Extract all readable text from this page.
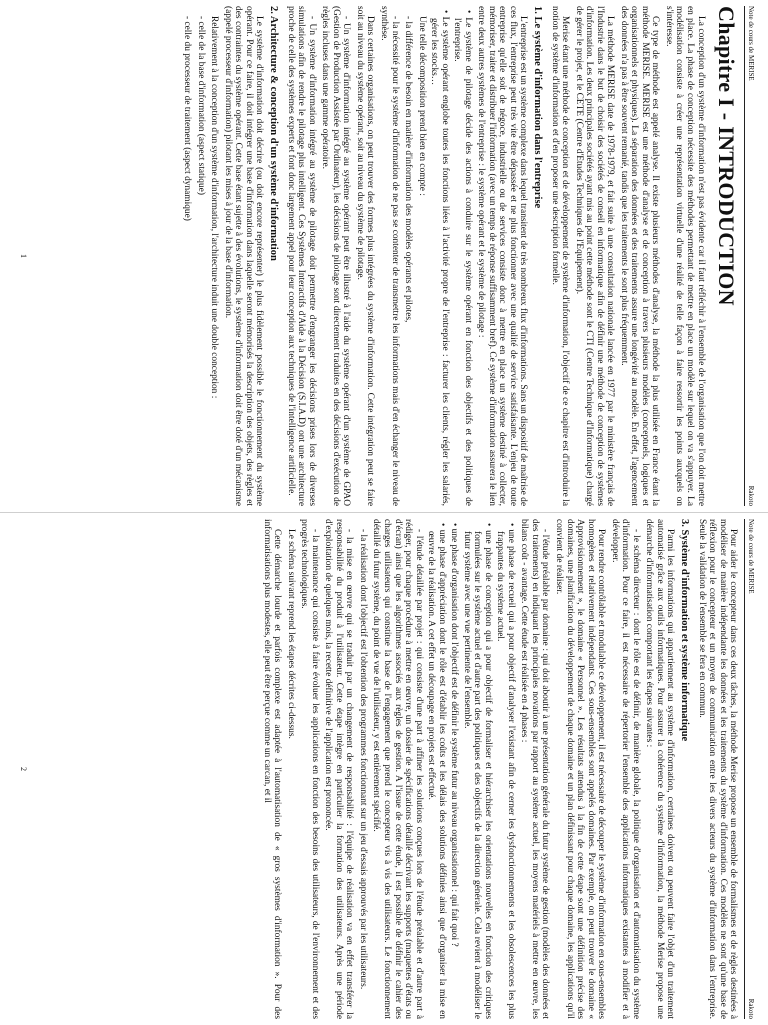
Note de cours de MERISE
Rakoto
Chapitre I - INTRODUCTION

La conception d'un système d'information n'est pas évidente car il faut réfléchir à l'ensemble de l'organisation que l'on doit mettre en place. La phase de conception nécessite des méthodes permettant de mettre en place un modèle sur lequel on va s'appuyer. La modélisation consiste à créer une représentation virtuelle d'une réalité de telle façon à faire ressortir les points auxquels on s'intéresse.

Ce type de méthode est appelé analyse. Il existe plusieurs méthodes d'analyse, la méthode la plus utilisée en France étant la méthode MERISE. MERISE est une méthode d'analyse et de conception à travers plusieurs modèles (conceptuels, logiques et organisationnels et physiques). La séparation des données et des traitements assure une longévité au modèle. En effet, l'agencement des données n'a pas à être souvent remanié, tandis que les traitements le sont plus fréquemment.

La méthode MERISE date de 1978-1979, et fait suite à une consultation nationale lancée en 1977 par le ministère français de l'Industrie dans le but de choisir des sociétés de conseil en informatique afin de définir une méthode de conception de systèmes d'information. Les deux principales sociétés ayant mis au point cette méthode sont le CTI (Centre Technique d'Informatique) chargé de gérer le projet, et le CETE (Centre d'Etudes Techniques de l'Equipement).

Merise étant une méthode de conception et de développement de système d'information, l'objectif de ce chapitre est d'introduire la notion de système d'information et d'en proposer une description formelle.

1. Le système d'information dans l'entreprise

L'entreprise est un système complexe dans lequel transitent de très nombreux flux d'informations. Sans un dispositif de maîtrise de ces flux, l'entreprise peut très vite être dépassée et ne plus fonctionner avec une qualité de service satisfaisante. L'enjeu de toute entreprise qu'elle soit de négoce, industrielle ou de services consiste donc à mettre en place un système destiné à collecter, mémoriser, traiter et distribuer l'information (avec un temps de réponse suffisamment bref). Ce système d'information assurera le lien entre deux autres systèmes de l'entreprise : le système opérant et le système de pilotage :

• Le système de pilotage décide des actions à conduire sur le système opérant en fonction des objectifs et des politiques de l'entreprise.
• Le système opérant englobe toutes les fonctions liées à l'activité propre de l'entreprise : facturer les clients, régler les salariés, gérer les stocks…

Une telle décomposition prend bien en compte :

- la différence de besoin en matière d'information des modèles opérants et pilotes,

- la nécessité pour le système d'information de ne pas se contenter de transmettre les informations mais d'en échanger le niveau de synthèse.

Dans certaines organisations, on peut trouver des formes plus intégrées du système d'information. Cette intégration peut se faire soit au niveau du système opérant, soit au niveau du système de pilotage.

- Un système d'information intégré au système opérant peut être illustré à l'aide du système opérant d'un système de GPAO (Gestion de Production Assistée par Ordinateur), les décisions de pilotage sont directement traduites en des décisions d'exécution de règles incluses dans une gamme opératoire.

- Un système d'information intégré au système de pilotage doit permettre d'engranger les décisions prises lors de diverses simulations afin de rendre le pilotage plus intelligent. Ces Systèmes Interactifs d'Aide à la Décision (S.I.A.D) ont une architecture proche de celle des systèmes experts et font donc largement appel pour leur conception aux techniques de l'intelligence artificielle.

2. Architecture & conception d'un système d'information

Le système d'information doit décrire (ou doit encore représenter) le plus fidèlement possible le fonctionnement du système opérant. Pour ce faire, il doit intégrer une base d'information dans laquelle seront mémorisés la description des objets, des règles et des contraintes du système opérant. Cette base étant sujette à des évolutions, le système d'information doit être doté d'un mécanisme (appelé processeur d'information) pilotant les mises à jour de la base d'information.

Relativement à la conception d'un système d'information, l'architecture induit une double conception :

- celle de la base d'information (aspect statique)

- celle du processeur de traitement (aspect dynamique)

1
Note de cours de MERISE
Rakoto

Pour aider le concepteur dans ces deux tâches, la méthode Merise propose un ensemble de formalismes et de règles destinées à modéliser de manière indépendante les données et les traitements du système d'information. Ces modèles ne sont qu'une base de réflexion pour le concepteur et un moyen de communication entre les divers acteurs du système d'information dans l'entreprise. Seule la validation de l'ensemble se fera en commun.

3. Système d'information et système informatique

Parmi les informations qui appartiennent au système d'information, certaines doivent ou peuvent faire l'objet d'un traitement automatisé grâce aux outils informatiques. Pour assurer la cohérence du système d'information, la méthode Merise propose une démarche d'informatisation comportant les étapes suivantes :

- le schéma directeur : dont le rôle est de définir, de manière globale, la politique d'organisation et d'automatisation du système d'information. Pour ce faire, il est nécessaire de répertorier l'ensemble des applications informatiques existantes à modifier et à développer.

Pour rendre contrôlable et modulable ce développement, il est nécessaire de découper le système d'information en sous-ensembles homogènes et relativement indépendants. Ces sous-ensembles sont appelés domaines. Par exemple, on peut trouver le domaine « Approvisionnement », le domaine « Personnel ». Les résultats attendus à la fin de cette étape sont une définition précise des domaines, une planification du développement de chaque domaine et un plan définissant pour chaque domaine, les applications qu'il convient de réaliser.

- l'étude préalable par domaine : qui doit aboutir à une présentation générale du futur système de gestion (modèles des données et des traitements) en indiquant les principales novations par rapport au système actuel, les moyens matériels à mettre en œuvre, les bilans coût - avantage. Cette étude est réalisée en 4 phases :

• une phase de recueil qui a pour objectif d'analyser l'existant afin de cerner les dysfonctionnements et les obsolescences les plus frappantes du système actuel.
• une phase de conception qui a pour objectif de formaliser et hiérarchiser les orientations nouvelles en fonction des critiques formulées sur le système actuel et d'autre part des politiques et des objectifs de la direction générale. Cela revient à modéliser le futur système avec une vue pertinente de l'ensemble.
• une phase d'organisation dont l'objectif est de définir le système futur au niveau organisationnel : qui fait quoi ?
• une phase d'appréciation dont le rôle est d'établir les coûts et les délais des solutions définies ainsi que d'organiser la mise en œuvre de la réalisation. A cet effet un découpage en projets est effectué.

- l'étude détaillée par projet : qui consiste d'une part à affiner les solutions conçues lors de l'étude préalable et d'autre part à rédiger, pour chaque procédure à mettre en œuvre, un dossier de spécifications détaillé décrivant les supports (maquettes d'états ou d'écran) ainsi que les algorithmes associés aux règles de gestion. A l'issue de cette étude, il est possible de définir le cahier des charges utilisateurs qui constitue la base de l'engagement que prend le concepteur vis à vis des utilisateurs. Le fonctionnement détaillé du futur système, du point de vue de l'utilisateur, y est entièrement spécifié.

- la réalisation dont l'objectif est l'obtention des programmes fonctionnant sur un jeu d'essais approuvés par les utilisateurs.

- la mise en œuvre qui se traduit par un changement de responsabilité : l'équipe de réalisation va en effet transférer la responsabilité du produit à l'utilisateur. Cette étape intègre en particulier la formation des utilisateurs. Après une période d'exploitation de quelques mois, la recette définitive de l'application est prononcée.

- la maintenance qui consiste à faire évoluer les applications en fonction des besoins des utilisateurs, de l'environnement et des progrès technologiques.

Le schéma suivant reprend les étapes décrites ci-dessus.

Cette démarche lourde et parfois complexe est adaptée à l'automatisation de « gros systèmes d'information ». Pour des informatisations plus modestes, elle peut être perçue comme un carcan, et il

2
